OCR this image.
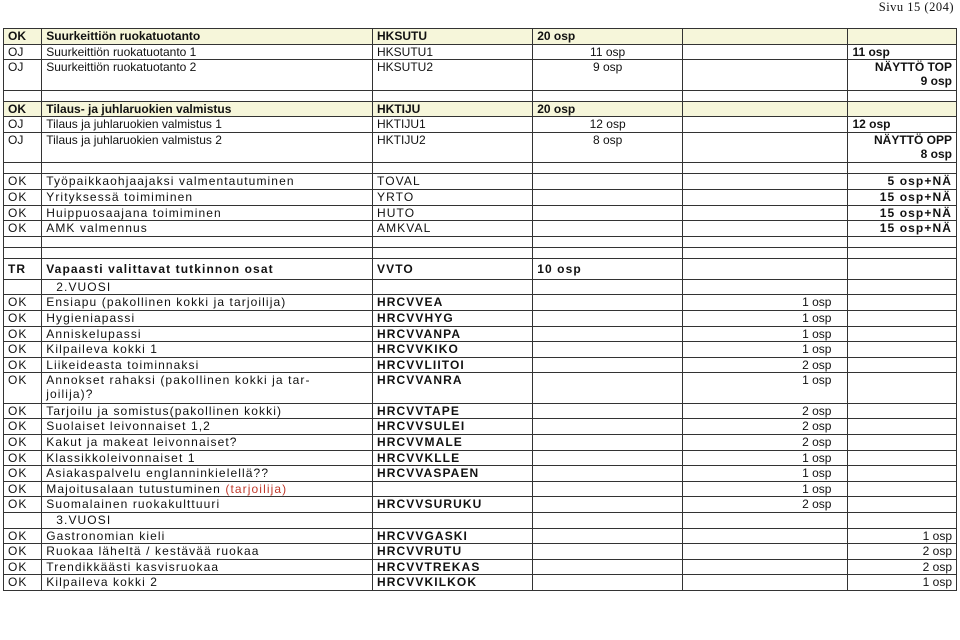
Sivu 15 (204)
OK	Suurkeittiön ruokatuotanto	HKSUTU	20 osp		
OJ	Suurkeittiön ruokatuotanto 1	HKSUTU1	11 osp		11 osp
OJ	Suurkeittiön ruokatuotanto 2	HKSUTU2	9 osp		NÄYTTÖ TOP
9 osp

OK	Tilaus- ja juhlaruokien valmistus	HKTIJU	20 osp		
OJ	Tilaus ja juhlaruokien valmistus 1	HKTIJU1	12 osp		12 osp
OJ	Tilaus ja juhlaruokien valmistus 2	HKTIJU2	8 osp		NÄYTTÖ OPP
8 osp

OK	Työpaikkaohjaajaksi valmentautuminen	TOVAL			5 osp+NÄ
OK	Yrityksessä toimiminen	YRTO			15 osp+NÄ
OK	Huippuosaajana toimiminen	HUTO			15 osp+NÄ
OK	AMK valmennus	AMKVAL			15 osp+NÄ

TR	Vapaasti valittavat tutkinnon osat	VVTO	10 osp		
	2.VUOSI				
OK	Ensiapu (pakollinen kokki ja tarjoilija)	HRCVVEA		1 osp	
OK	Hygieniapassi	HRCVVHYG		1 osp	
OK	Anniskelupassi	HRCVVANPA		1 osp	
OK	Kilpaileva kokki 1	HRCVVKIKO		1 osp	
OK	Liikeideasta toiminnaksi	HRCVVLIITOI		2 osp	
OK	Annokset rahaksi (pakollinen kokki ja tar-
joilija)?	HRCVVANRA		1 osp	
OK	Tarjoilu ja somistus(pakollinen kokki)	HRCVVTAPE		2 osp	
OK	Suolaiset leivonnaiset 1,2	HRCVVSULEI		2 osp	
OK	Kakut ja makeat leivonnaiset?	HRCVVMALE		2 osp	
OK	Klassikkoleivonnaiset 1	HRCVVKLLE		1 osp	
OK	Asiakaspalvelu englanninkielellä??	HRCVVASPAEN		1 osp	
OK	Majoitusalaan tutustuminen (tarjoilija)			1 osp	
OK	Suomalainen ruokakulttuuri	HRCVVSURUKU		2 osp	
	3.VUOSI				
OK	Gastronomian kieli	HRCVVGASKI			1 osp
OK	Ruokaa läheltä / kestävää ruokaa	HRCVVRUTU			2 osp
OK	Trendikkäästi kasvisruokaa	HRCVVTREKAS			2 osp
OK	Kilpaileva kokki 2	HRCVVKILKOK			1 osp
